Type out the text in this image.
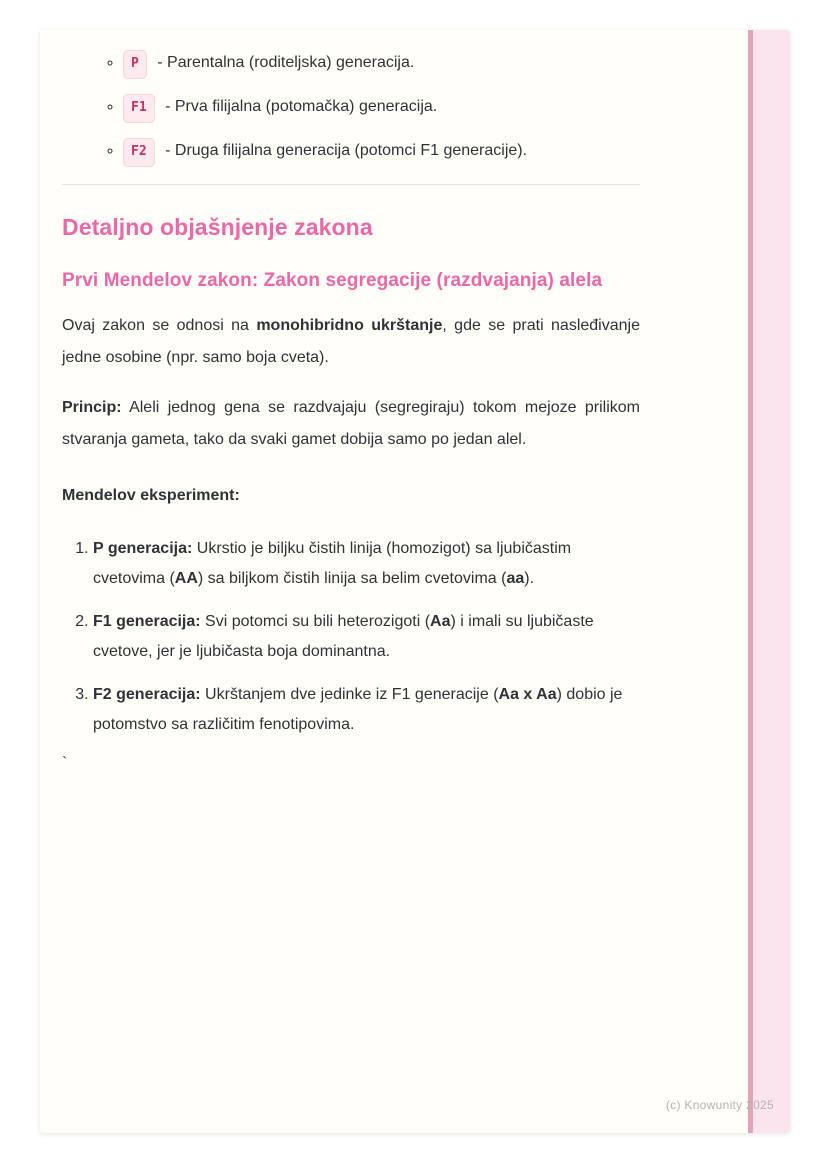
◦ P - Parentalna (roditeljska) generacija.
◦ F1 - Prva filijalna (potomačka) generacija.
◦ F2 - Druga filijalna generacija (potomci F1 generacije).
Detaljno objašnjenje zakona
Prvi Mendelov zakon: Zakon segregacije (razdvajanja) alela

Ovaj zakon se odnosi na monohibridno ukrštanje, gde se prati nasleđivanje jedne osobine (npr. samo boja cveta).

Princip: Aleli jednog gena se razdvajaju (segregiraju) tokom mejoze prilikom stvaranja gameta, tako da svaki gamet dobija samo po jedan alel.

Mendelov eksperiment:

1. P generacija: Ukrstio je biljku čistih linija (homozigot) sa ljubičastim cvetovima (AA) sa biljkom čistih linija sa belim cvetovima (aa).
2. F1 generacija: Svi potomci su bili heterozigoti (Aa) i imali su ljubičaste cvetove, jer je ljubičasta boja dominantna.
3. F2 generacija: Ukrštanjem dve jedinke iz F1 generacije (Aa x Aa) dobio je potomstvo sa različitim fenotipovima.

`

(c) Knowunity 2025
